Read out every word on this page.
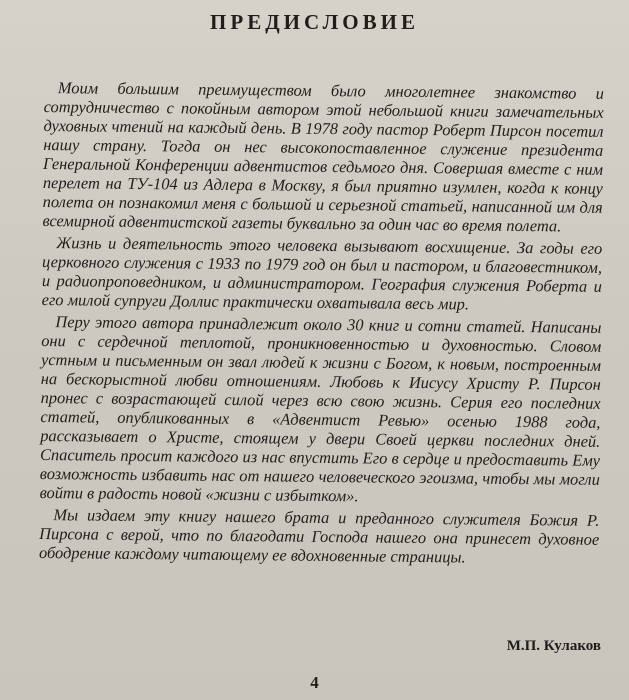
ПРЕДИСЛОВИЕ

Моим большим преимуществом было многолетнее знакомство и сотрудничество с покойным автором этой небольшой книги замечательных духовных чтений на каждый день. В 1978 году пастор Роберт Пирсон посетил нашу страну. Тогда он нес высокопоставленное служение президента Генеральной Конференции адвентистов седьмого дня. Совершая вместе с ним перелет на ТУ-104 из Адлера в Москву, я был приятно изумлен, когда к концу полета он познакомил меня с большой и серьезной статьей, написанной им для всемирной адвентистской газеты буквально за один час во время полета.

Жизнь и деятельность этого человека вызывают восхищение. За годы его церковного служения с 1933 по 1979 год он был и пастором, и благовестником, и радиопроповедником, и администратором. География служения Роберта и его милой супруги Доллис практически охватывала весь мир.

Перу этого автора принадлежит около 30 книг и сотни статей. Написаны они с сердечной теплотой, проникновенностью и духовностью. Словом устным и письменным он звал людей к жизни с Богом, к новым, построенным на бескорыстной любви отношениям. Любовь к Иисусу Христу Р. Пирсон пронес с возрастающей силой через всю свою жизнь. Серия его последних статей, опубликованных в «Адвентист Ревью» осенью 1988 года, рассказывает о Христе, стоящем у двери Своей церкви последних дней. Спаситель просит каждого из нас впустить Его в сердце и предоставить Ему возможность избавить нас от нашего человеческого эгоизма, чтобы мы могли войти в радость новой «жизни с избытком».

Мы издаем эту книгу нашего брата и преданного служителя Божия Р. Пирсона с верой, что по благодати Господа нашего она принесет духовное ободрение каждому читающему ее вдохновенные страницы.

М.П. Кулаков
4
